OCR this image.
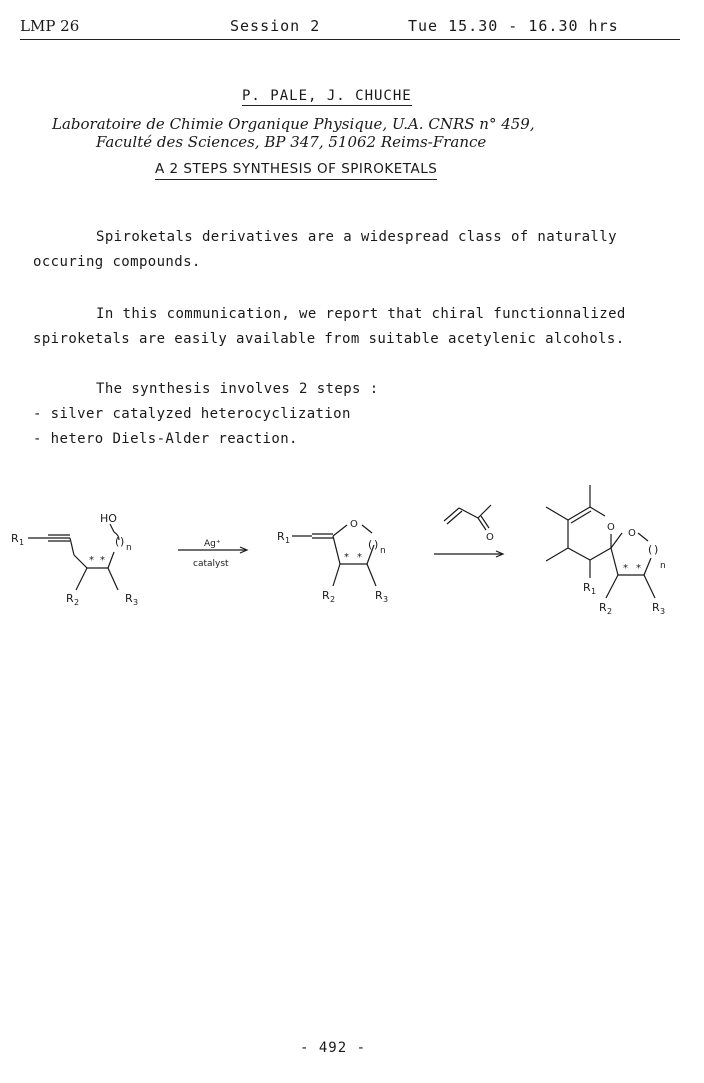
LMP 26	Session 2	Tue 15.30 - 16.30 hrs
P. PALE, J. CHUCHE
Laboratoire de Chimie Organique Physique, U.A. CNRS n° 459,
Faculté des Sciences, BP 347, 51062 Reims-France
A 2 STEPS SYNTHESIS OF SPIROKETALS
Spiroketals derivatives are a widespread class of naturally
occuring compounds.
In this communication, we report that chiral functionnalized
spiroketals are easily available from suitable acetylenic alcohols.
The synthesis involves 2 steps :
- silver catalyzed heterocyclization
- hetero Diels-Alder reaction.
R 1
HO
( ) n
* *
R 2	R 3
Ag⁺
catalyst
R 1
O
( ) n
* *
R 2	R 3
O
O
O
( )
n
* *
R 1
R 2	R 3
- 492 -
